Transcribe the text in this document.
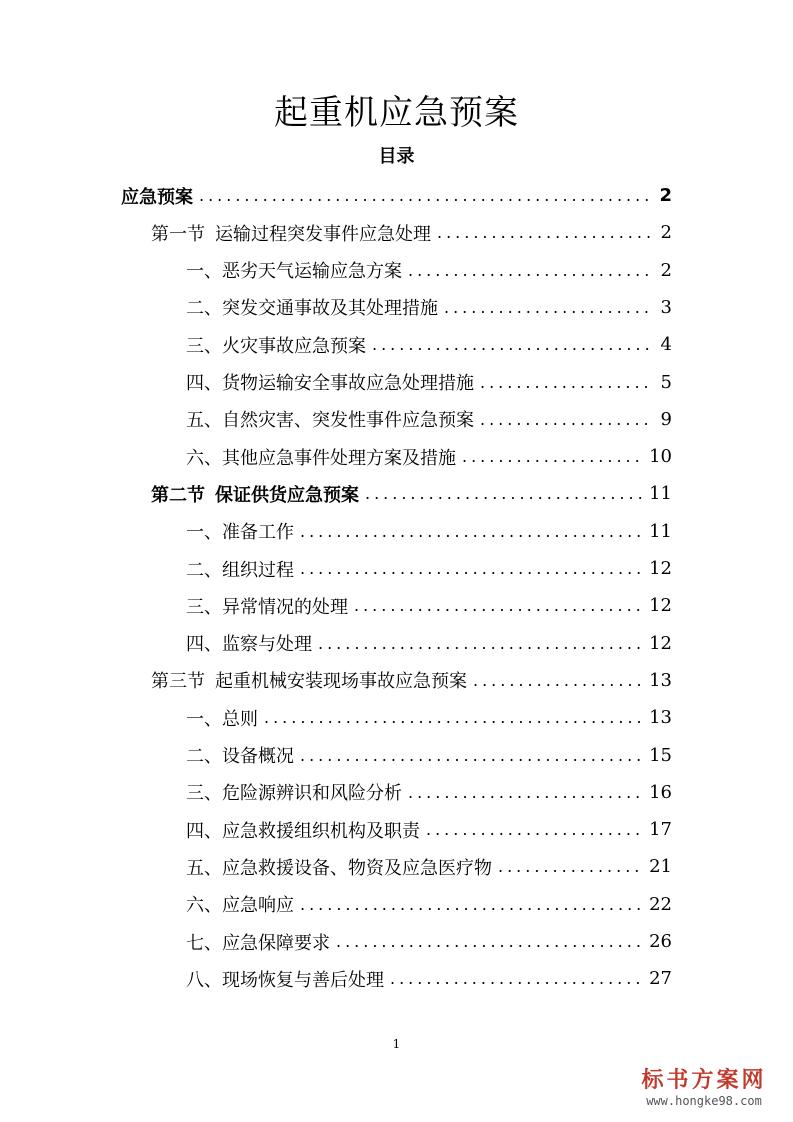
起重机应急预案
目录
应急预案 .....	2
第一节 运输过程突发事件应急处理 .....	2
一、恶劣天气运输应急方案 .....	2
二、突发交通事故及其处理措施 .....	3
三、火灾事故应急预案 .....	4
四、货物运输安全事故应急处理措施 .....	5
五、自然灾害、突发性事件应急预案 .....	9
六、其他应急事件处理方案及措施 .....	10
第二节 保证供货应急预案 .....	11
一、准备工作 .....	11
二、组织过程 .....	12
三、异常情况的处理 .....	12
四、监察与处理 .....	12
第三节 起重机械安装现场事故应急预案 .....	13
一、总则 .....	13
二、设备概况 .....	15
三、危险源辨识和风险分析 .....	16
四、应急救援组织机构及职责 .....	17
五、应急救援设备、物资及应急医疗物 .....	21
六、应急响应 .....	22
七、应急保障要求 .....	26
八、现场恢复与善后处理 .....	27
1
标书方案网
www.hongke98.com
